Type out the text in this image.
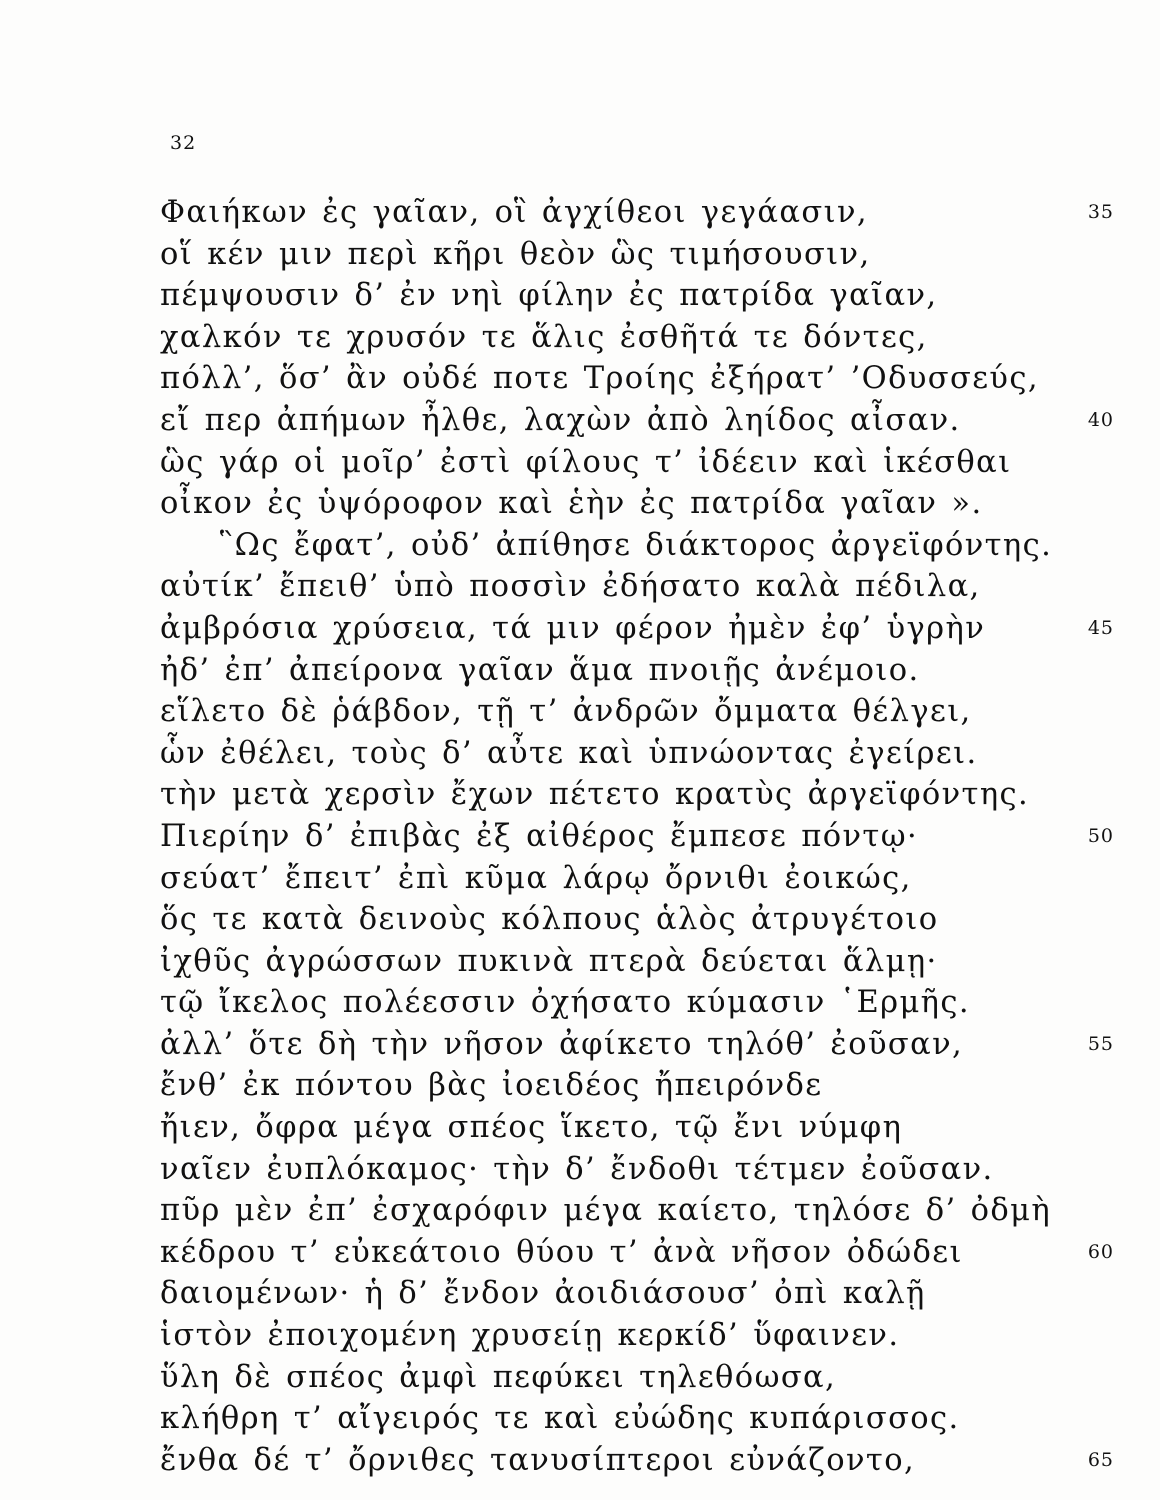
32
Φαιήκων ἐς γαῖαν, οἳ ἀγχίθεοι γεγάασιν,	35
οἵ κέν μιν περὶ κῆρι θεὸν ὣς τιμήσουσιν,
πέμψουσιν δ’ ἐν νηὶ φίλην ἐς πατρίδα γαῖαν,
χαλκόν τε χρυσόν τε ἅλις ἐσθῆτά τε δόντες,
πόλλ’, ὅσ’ ἂν οὐδέ ποτε Τροίης ἐξήρατ’ ’Οδυσσεύς,
εἴ περ ἀπήμων ἦλθε, λαχὼν ἀπὸ ληίδος αἶσαν.	40
ὣς γάρ οἱ μοῖρ’ ἐστὶ φίλους τ’ ἰδέειν καὶ ἱκέσθαι
οἶκον ἐς ὑψόροφον καὶ ἑὴν ἐς πατρίδα γαῖαν ».
῝Ως ἔφατ’, οὐδ’ ἀπίθησε διάκτορος ἀργεϊφόντης.
αὐτίκ’ ἔπειθ’ ὑπὸ ποσσὶν ἐδήσατο καλὰ πέδιλα,
ἀμβρόσια χρύσεια, τά μιν φέρον ἠμὲν ἐφ’ ὑγρὴν	45
ἠδ’ ἐπ’ ἀπείρονα γαῖαν ἅμα πνοιῇς ἀνέμοιο.
εἵλετο δὲ ῥάβδον, τῇ τ’ ἀνδρῶν ὄμματα θέλγει,
ὧν ἐθέλει, τοὺς δ’ αὖτε καὶ ὑπνώοντας ἐγείρει.
τὴν μετὰ χερσὶν ἔχων πέτετο κρατὺς ἀργεϊφόντης.
Πιερίην δ’ ἐπιβὰς ἐξ αἰθέρος ἔμπεσε πόντῳ·	50
σεύατ’ ἔπειτ’ ἐπὶ κῦμα λάρῳ ὄρνιθι ἐοικώς,
ὅς τε κατὰ δεινοὺς κόλπους ἁλὸς ἀτρυγέτοιο
ἰχθῦς ἀγρώσσων πυκινὰ πτερὰ δεύεται ἅλμῃ·
τῷ ἴκελος πολέεσσιν ὀχήσατο κύμασιν ῾Ερμῆς.
ἀλλ’ ὅτε δὴ τὴν νῆσον ἀφίκετο τηλόθ’ ἐοῦσαν,	55
ἔνθ’ ἐκ πόντου βὰς ἰοειδέος ἤπειρόνδε
ἤιεν, ὄφρα μέγα σπέος ἵκετο, τῷ ἔνι νύμφη
ναῖεν ἐυπλόκαμος· τὴν δ’ ἔνδοθι τέτμεν ἐοῦσαν.
πῦρ μὲν ἐπ’ ἐσχαρόφιν μέγα καίετο, τηλόσε δ’ ὀδμὴ
κέδρου τ’ εὐκεάτοιο θύου τ’ ἀνὰ νῆσον ὀδώδει	60
δαιομένων· ἡ δ’ ἔνδον ἀοιδιάσουσ’ ὀπὶ καλῇ
ἱστὸν ἐποιχομένη χρυσείῃ κερκίδ’ ὕφαινεν.
ὕλη δὲ σπέος ἀμφὶ πεφύκει τηλεθόωσα,
κλήθρη τ’ αἴγειρός τε καὶ εὐώδης κυπάρισσος.
ἔνθα δέ τ’ ὄρνιθες τανυσίπτεροι εὐνάζοντο,	65
